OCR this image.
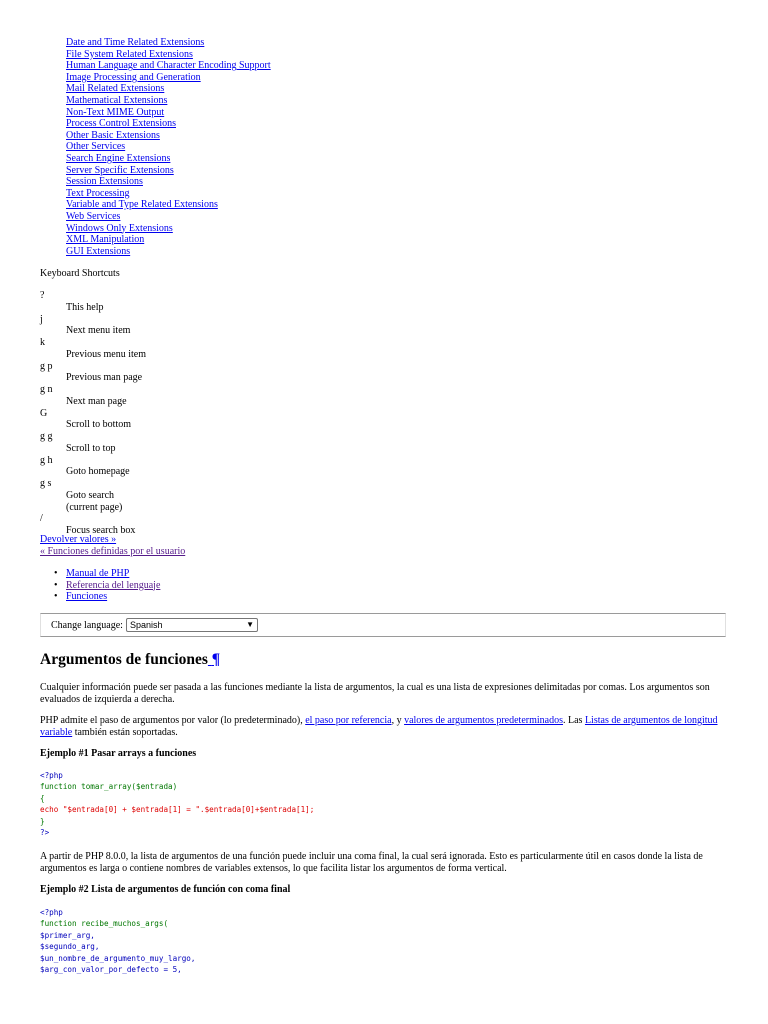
Date and Time Related Extensions
File System Related Extensions
Human Language and Character Encoding Support
Image Processing and Generation
Mail Related Extensions
Mathematical Extensions
Non-Text MIME Output
Process Control Extensions
Other Basic Extensions
Other Services
Search Engine Extensions
Server Specific Extensions
Session Extensions
Text Processing
Variable and Type Related Extensions
Web Services
Windows Only Extensions
XML Manipulation
GUI Extensions
Keyboard Shortcuts
?
This help
j
Next menu item
k
Previous menu item
g p
Previous man page
g n
Next man page
G
Scroll to bottom
g g
Scroll to top
g h
Goto homepage
g s
Goto search
(current page)
/
Focus search box
Devolver valores »
« Funciones definidas por el usuario
• Manual de PHP
• Referencia del lenguaje
• Funciones
Change language: Spanish	▼
Argumentos de funciones ¶

Cualquier información puede ser pasada a las funciones mediante la lista de argumentos, la cual es una lista de expresiones delimitadas por comas. Los argumentos son evaluados de izquierda a derecha.

PHP admite el paso de argumentos por valor (lo predeterminado), el paso por referencia, y valores de argumentos predeterminados. Las Listas de argumentos de longitud variable también están soportadas.

Ejemplo #1 Pasar arrays a funciones

<?php
function tomar_array($entrada)
{
echo "$entrada[0] + $entrada[1] = ".$entrada[0]+$entrada[1];
}
?>

A partir de PHP 8.0.0, la lista de argumentos de una función puede incluir una coma final, la cual será ignorada. Esto es particularmente útil en casos donde la lista de argumentos es larga o contiene nombres de variables extensos, lo que facilita listar los argumentos de forma vertical.

Ejemplo #2 Lista de argumentos de función con coma final

<?php
function recibe_muchos_args(
$primer_arg,
$segundo_arg,
$un_nombre_de_argumento_muy_largo,
$arg_con_valor_por_defecto = 5,
